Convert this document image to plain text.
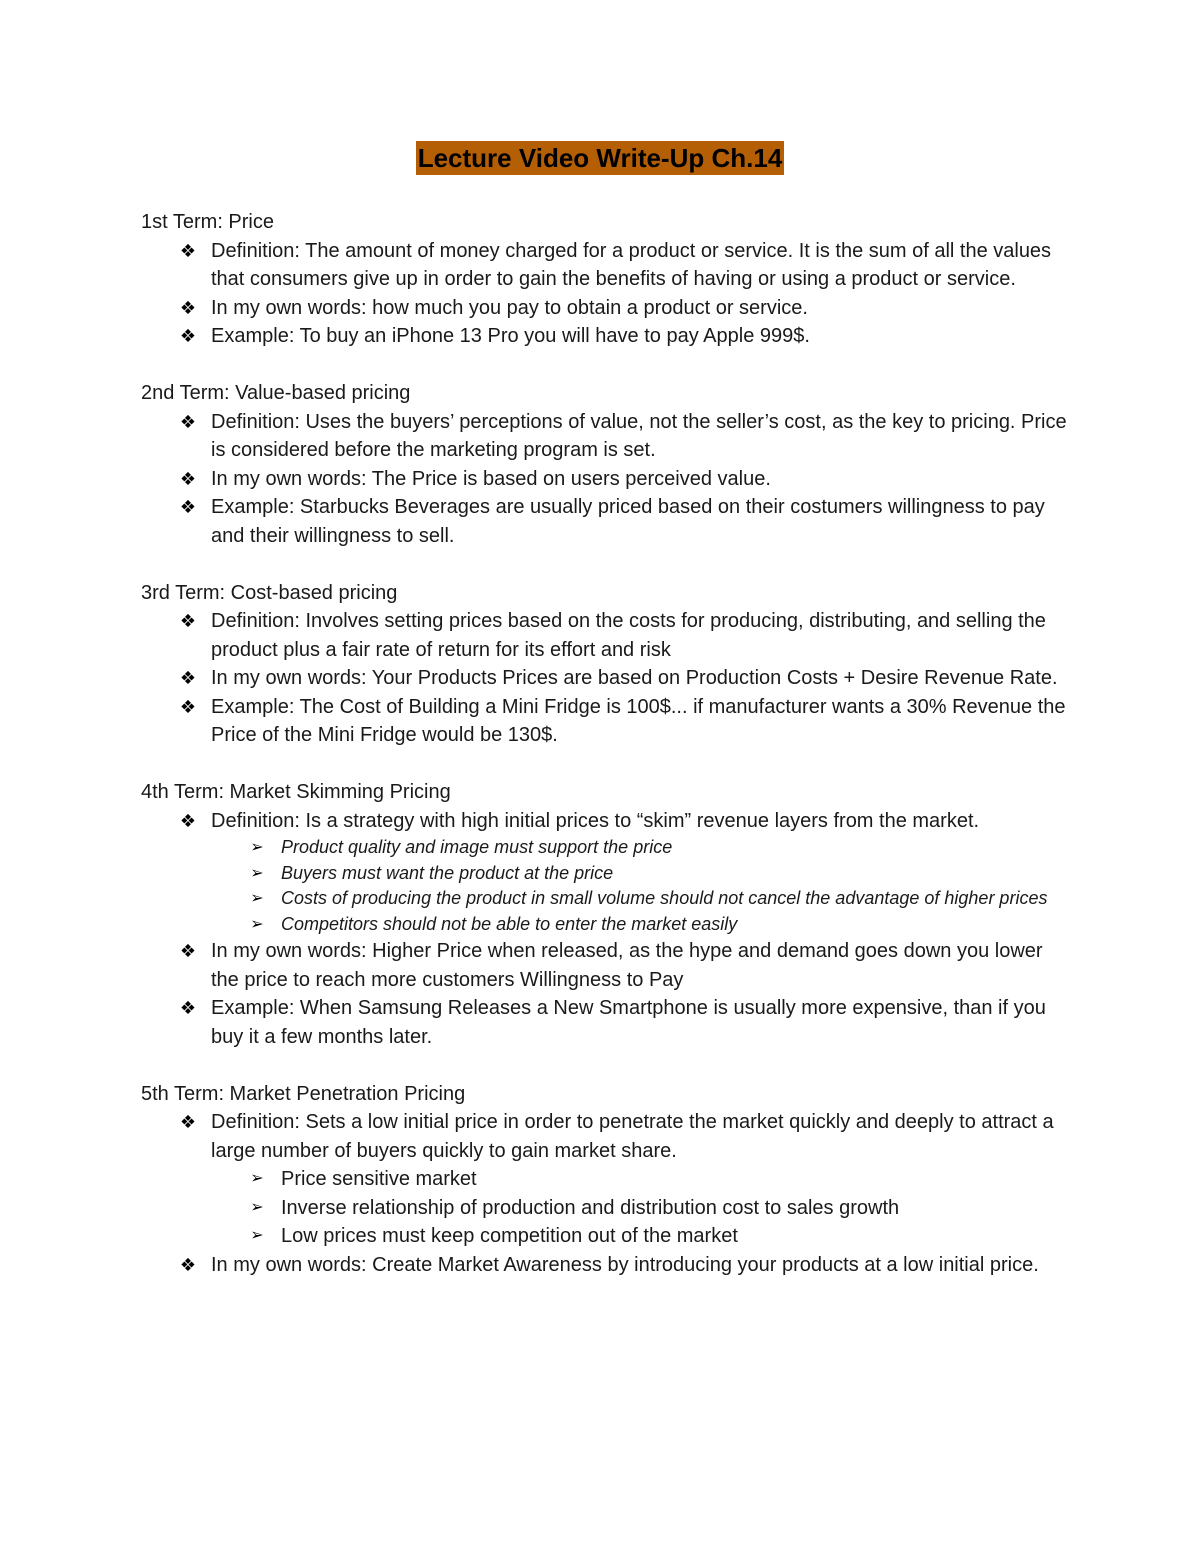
Lecture Video Write-Up Ch.14

1st Term: Price

❖ Definition: The amount of money charged for a product or service. It is the sum of all the values that consumers give up in order to gain the benefits of having or using a product or service.
❖ In my own words: how much you pay to obtain a product or service.
❖ Example: To buy an iPhone 13 Pro you will have to pay Apple 999$.

2nd Term: Value-based pricing

❖ Definition: Uses the buyers’ perceptions of value, not the seller’s cost, as the key to pricing. Price is considered before the marketing program is set.
❖ In my own words: The Price is based on users perceived value.
❖ Example: Starbucks Beverages are usually priced based on their costumers willingness to pay and their willingness to sell.

3rd Term: Cost-based pricing

❖ Definition: Involves setting prices based on the costs for producing, distributing, and selling the product plus a fair rate of return for its effort and risk
❖ In my own words: Your Products Prices are based on Production Costs + Desire Revenue Rate.
❖ Example: The Cost of Building a Mini Fridge is 100$... if manufacturer wants a 30% Revenue the Price of the Mini Fridge would be 130$.

4th Term: Market Skimming Pricing

❖ Definition: Is a strategy with high initial prices to “skim” revenue layers from the market.
➢ Product quality and image must support the price
➢ Buyers must want the product at the price
➢ Costs of producing the product in small volume should not cancel the advantage of higher prices
➢ Competitors should not be able to enter the market easily
❖ In my own words: Higher Price when released, as the hype and demand goes down you lower the price to reach more customers Willingness to Pay
❖ Example: When Samsung Releases a New Smartphone is usually more expensive, than if you buy it a few months later.

5th Term: Market Penetration Pricing

❖ Definition: Sets a low initial price in order to penetrate the market quickly and deeply to attract a large number of buyers quickly to gain market share.
➢ Price sensitive market
➢ Inverse relationship of production and distribution cost to sales growth
➢ Low prices must keep competition out of the market
❖ In my own words: Create Market Awareness by introducing your products at a low initial price.
